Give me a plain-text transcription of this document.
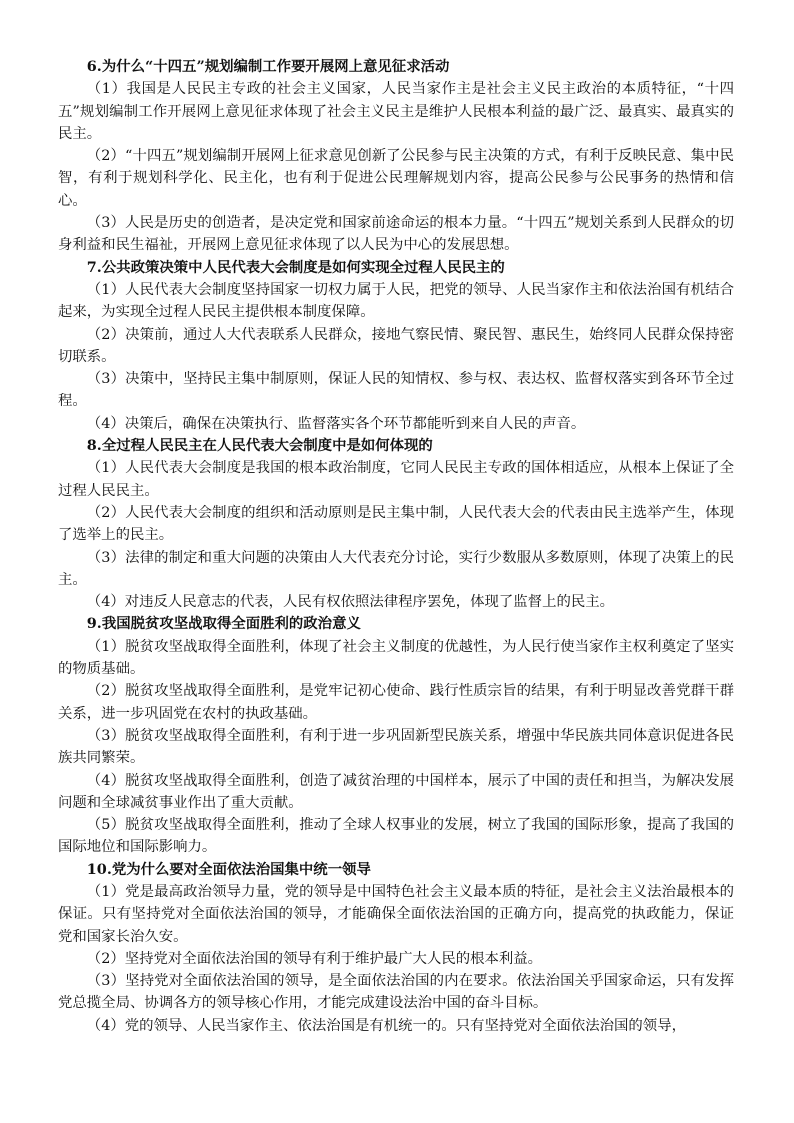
6.为什么“十四五”规划编制工作要开展网上意见征求活动

（1）我国是人民民主专政的社会主义国家，人民当家作主是社会主义民主政治的本质特征，“十四五”规划编制工作开展网上意见征求体现了社会主义民主是维护人民根本利益的最广泛、最真实、最真实的民主。

（2）“十四五”规划编制开展网上征求意见创新了公民参与民主决策的方式，有利于反映民意、集中民智，有利于规划科学化、民主化，也有利于促进公民理解规划内容，提高公民参与公民事务的热情和信心。

（3）人民是历史的创造者，是决定党和国家前途命运的根本力量。“十四五”规划关系到人民群众的切身利益和民生福祉，开展网上意见征求体现了以人民为中心的发展思想。

7.公共政策决策中人民代表大会制度是如何实现全过程人民民主的

（1）人民代表大会制度坚持国家一切权力属于人民，把党的领导、人民当家作主和依法治国有机结合起来，为实现全过程人民民主提供根本制度保障。

（2）决策前，通过人大代表联系人民群众，接地气察民情、聚民智、惠民生，始终同人民群众保持密切联系。

（3）决策中，坚持民主集中制原则，保证人民的知情权、参与权、表达权、监督权落实到各环节全过程。

（4）决策后，确保在决策执行、监督落实各个环节都能听到来自人民的声音。

8.全过程人民民主在人民代表大会制度中是如何体现的

（1）人民代表大会制度是我国的根本政治制度，它同人民民主专政的国体相适应，从根本上保证了全过程人民民主。

（2）人民代表大会制度的组织和活动原则是民主集中制，人民代表大会的代表由民主选举产生，体现了选举上的民主。

（3）法律的制定和重大问题的决策由人大代表充分讨论，实行少数服从多数原则，体现了决策上的民主。

（4）对违反人民意志的代表，人民有权依照法律程序罢免，体现了监督上的民主。

9.我国脱贫攻坚战取得全面胜利的政治意义

（1）脱贫攻坚战取得全面胜利，体现了社会主义制度的优越性，为人民行使当家作主权利奠定了坚实的物质基础。

（2）脱贫攻坚战取得全面胜利，是党牢记初心使命、践行性质宗旨的结果，有利于明显改善党群干群关系，进一步巩固党在农村的执政基础。

（3）脱贫攻坚战取得全面胜利，有利于进一步巩固新型民族关系，增强中华民族共同体意识促进各民族共同繁荣。

（4）脱贫攻坚战取得全面胜利，创造了减贫治理的中国样本，展示了中国的责任和担当，为解决发展问题和全球减贫事业作出了重大贡献。

（5）脱贫攻坚战取得全面胜利，推动了全球人权事业的发展，树立了我国的国际形象，提高了我国的国际地位和国际影响力。

10.党为什么要对全面依法治国集中统一领导

（1）党是最高政治领导力量，党的领导是中国特色社会主义最本质的特征，是社会主义法治最根本的保证。只有坚持党对全面依法治国的领导，才能确保全面依法治国的正确方向，提高党的执政能力，保证党和国家长治久安。

（2）坚持党对全面依法治国的领导有利于维护最广大人民的根本利益。

（3）坚持党对全面依法治国的领导，是全面依法治国的内在要求。依法治国关乎国家命运，只有发挥党总揽全局、协调各方的领导核心作用，才能完成建设法治中国的奋斗目标。

（4）党的领导、人民当家作主、依法治国是有机统一的。只有坚持党对全面依法治国的领导，
